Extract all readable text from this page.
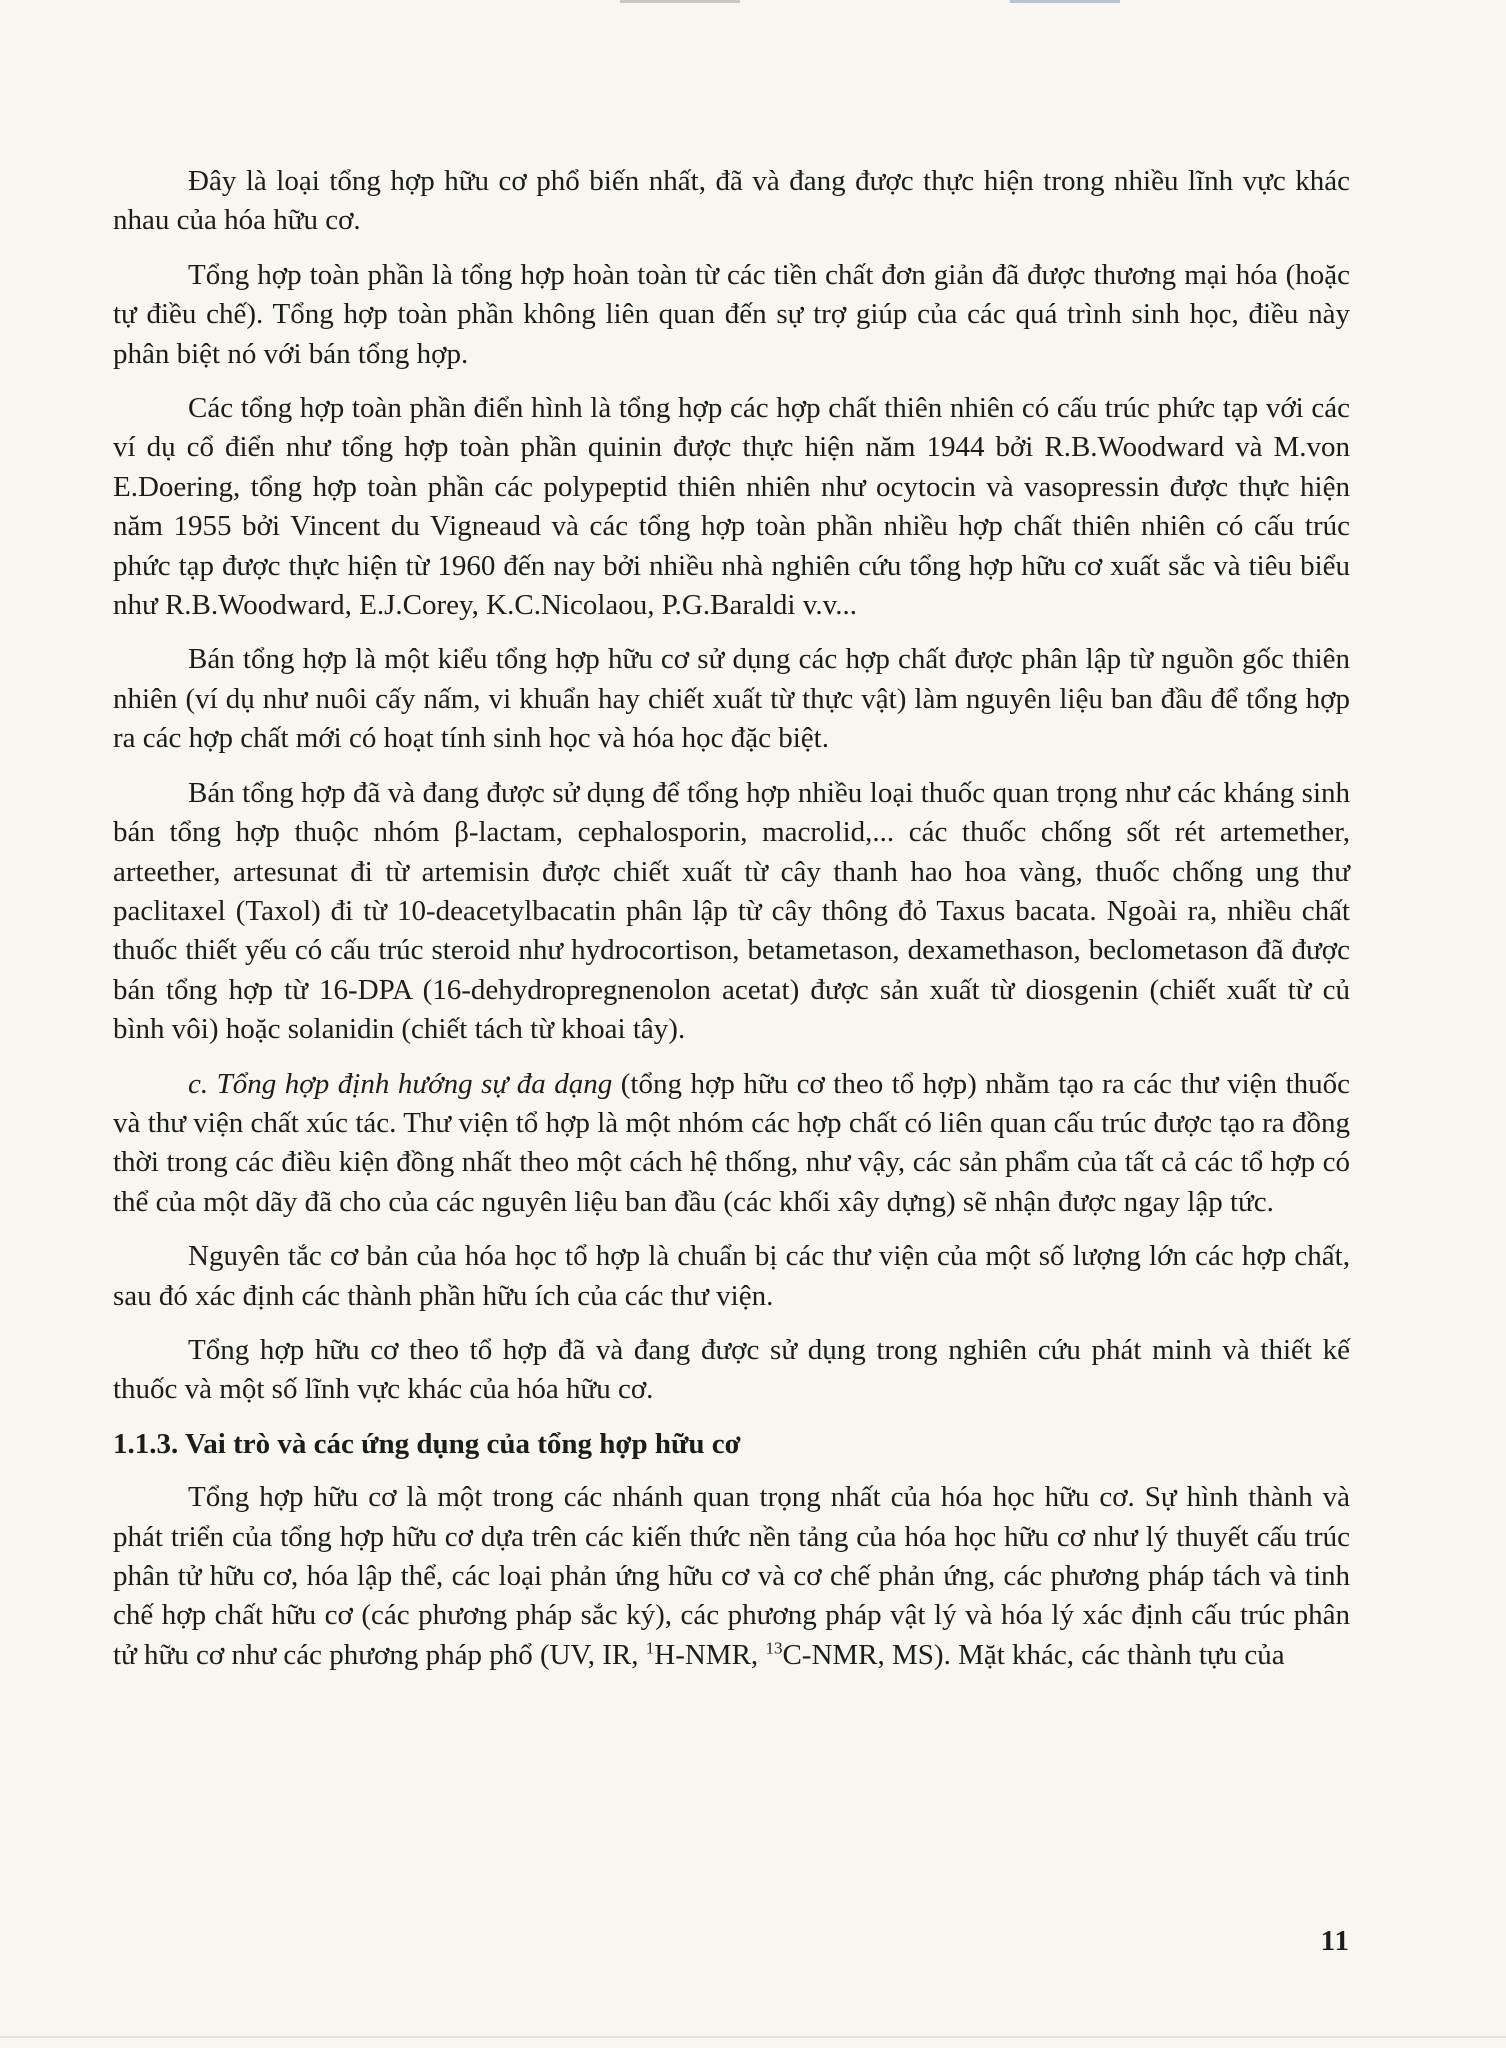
Đây là loại tổng hợp hữu cơ phổ biến nhất, đã và đang được thực hiện trong nhiều lĩnh vực khác nhau của hóa hữu cơ.

Tổng hợp toàn phần là tổng hợp hoàn toàn từ các tiền chất đơn giản đã được thương mại hóa (hoặc tự điều chế). Tổng hợp toàn phần không liên quan đến sự trợ giúp của các quá trình sinh học, điều này phân biệt nó với bán tổng hợp.

Các tổng hợp toàn phần điển hình là tổng hợp các hợp chất thiên nhiên có cấu trúc phức tạp với các ví dụ cổ điển như tổng hợp toàn phần quinin được thực hiện năm 1944 bởi R.B.Woodward và M.von E.Doering, tổng hợp toàn phần các polypeptid thiên nhiên như ocytocin và vasopressin được thực hiện năm 1955 bởi Vincent du Vigneaud và các tổng hợp toàn phần nhiều hợp chất thiên nhiên có cấu trúc phức tạp được thực hiện từ 1960 đến nay bởi nhiều nhà nghiên cứu tổng hợp hữu cơ xuất sắc và tiêu biểu như R.B.Woodward, E.J.Corey, K.C.Nicolaou, P.G.Baraldi v.v...

Bán tổng hợp là một kiểu tổng hợp hữu cơ sử dụng các hợp chất được phân lập từ nguồn gốc thiên nhiên (ví dụ như nuôi cấy nấm, vi khuẩn hay chiết xuất từ thực vật) làm nguyên liệu ban đầu để tổng hợp ra các hợp chất mới có hoạt tính sinh học và hóa học đặc biệt.

Bán tổng hợp đã và đang được sử dụng để tổng hợp nhiều loại thuốc quan trọng như các kháng sinh bán tổng hợp thuộc nhóm β-lactam, cephalosporin, macrolid,... các thuốc chống sốt rét artemether, arteether, artesunat đi từ artemisin được chiết xuất từ cây thanh hao hoa vàng, thuốc chống ung thư paclitaxel (Taxol) đi từ 10-deacetylbacatin phân lập từ cây thông đỏ Taxus bacata. Ngoài ra, nhiều chất thuốc thiết yếu có cấu trúc steroid như hydrocortison, betametason, dexamethason, beclometason đã được bán tổng hợp từ 16-DPA (16-dehydropregnenolon acetat) được sản xuất từ diosgenin (chiết xuất từ củ bình vôi) hoặc solanidin (chiết tách từ khoai tây).

c. Tổng hợp định hướng sự đa dạng (tổng hợp hữu cơ theo tổ hợp) nhằm tạo ra các thư viện thuốc và thư viện chất xúc tác. Thư viện tổ hợp là một nhóm các hợp chất có liên quan cấu trúc được tạo ra đồng thời trong các điều kiện đồng nhất theo một cách hệ thống, như vậy, các sản phẩm của tất cả các tổ hợp có thể của một dãy đã cho của các nguyên liệu ban đầu (các khối xây dựng) sẽ nhận được ngay lập tức.

Nguyên tắc cơ bản của hóa học tổ hợp là chuẩn bị các thư viện của một số lượng lớn các hợp chất, sau đó xác định các thành phần hữu ích của các thư viện.

Tổng hợp hữu cơ theo tổ hợp đã và đang được sử dụng trong nghiên cứu phát minh và thiết kế thuốc và một số lĩnh vực khác của hóa hữu cơ.

1.1.3. Vai trò và các ứng dụng của tổng hợp hữu cơ

Tổng hợp hữu cơ là một trong các nhánh quan trọng nhất của hóa học hữu cơ. Sự hình thành và phát triển của tổng hợp hữu cơ dựa trên các kiến thức nền tảng của hóa học hữu cơ như lý thuyết cấu trúc phân tử hữu cơ, hóa lập thể, các loại phản ứng hữu cơ và cơ chế phản ứng, các phương pháp tách và tinh chế hợp chất hữu cơ (các phương pháp sắc ký), các phương pháp vật lý và hóa lý xác định cấu trúc phân tử hữu cơ như các phương pháp phổ (UV, IR, $^1$H-NMR, $^{13}$C-NMR, MS). Mặt khác, các thành tựu của

11
